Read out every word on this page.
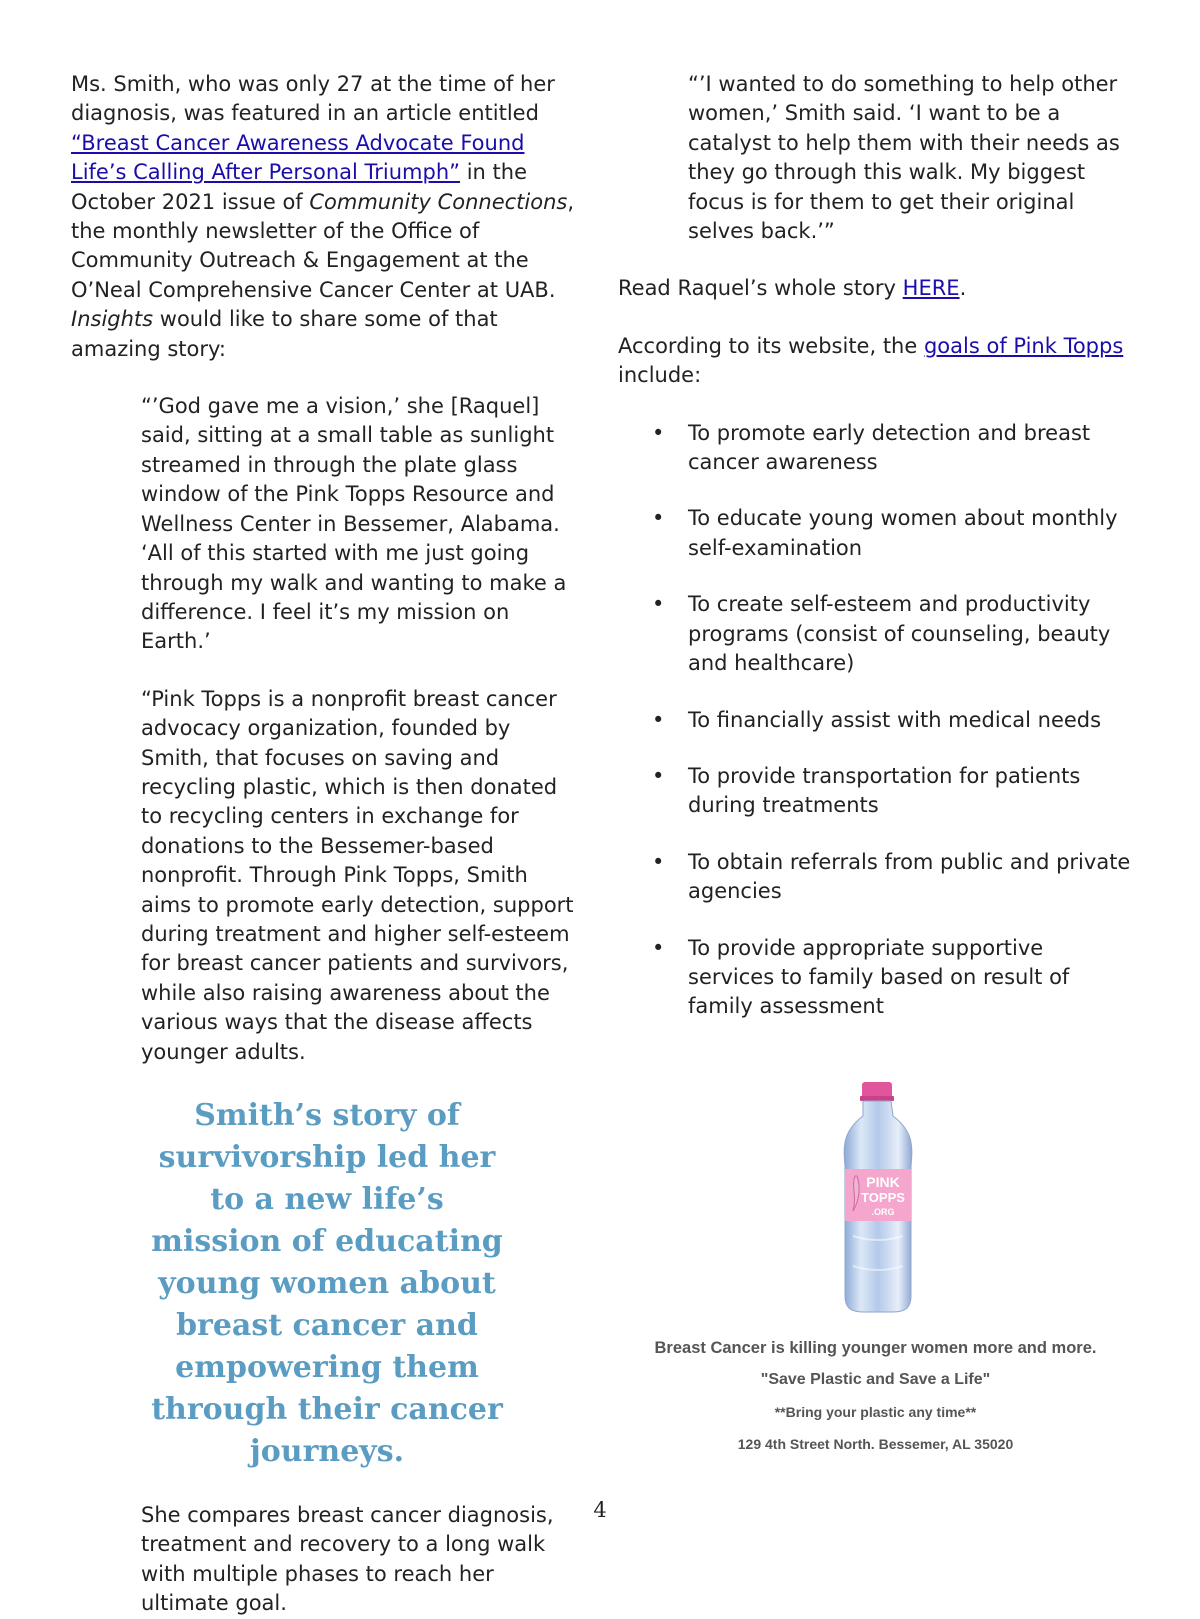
Ms. Smith, who was only 27 at the time of her diagnosis, was featured in an article entitled “Breast Cancer Awareness Advocate Found Life’s Calling After Personal Triumph” in the October 2021 issue of Community Connections, the monthly newsletter of the Office of Community Outreach & Engagement at the O’Neal Comprehensive Cancer Center at UAB. Insights would like to share some of that amazing story:

“’God gave me a vision,’ she [Raquel] said, sitting at a small table as sunlight streamed in through the plate glass window of the Pink Topps Resource and Wellness Center in Bessemer, Alabama. ‘All of this started with me just going through my walk and wanting to make a difference. I feel it’s my mission on Earth.’

“Pink Topps is a nonprofit breast cancer advocacy organization, founded by Smith, that focuses on saving and recycling plastic, which is then donated to recycling centers in exchange for donations to the Bessemer-based nonprofit. Through Pink Topps, Smith aims to promote early detection, support during treatment and higher self-esteem for breast cancer patients and survivors, while also raising awareness about the various ways that the disease affects younger adults.

Smith’s story of survivorship led her to a new life’s mission of educating young women about breast cancer and empowering them through their cancer journeys.

She compares breast cancer diagnosis, treatment and recovery to a long walk with multiple phases to reach her ultimate goal.

“’I wanted to do something to help other women,’ Smith said. ‘I want to be a catalyst to help them with their needs as they go through this walk. My biggest focus is for them to get their original selves back.’”

Read Raquel’s whole story HERE.

According to its website, the goals of Pink Topps include:

• To promote early detection and breast cancer awareness
• To educate young women about monthly self-examination
• To create self-esteem and productivity programs (consist of counseling, beauty and healthcare)
• To financially assist with medical needs
• To provide transportation for patients during treatments
• To obtain referrals from public and private agencies
• To provide appropriate supportive services to family based on result of family assessment
PINK
TOPPS
.ORG
Breast Cancer is killing younger women more and more.
"Save Plastic and Save a Life"
**Bring your plastic any time**
129 4th Street North. Bessemer, AL 35020
4
